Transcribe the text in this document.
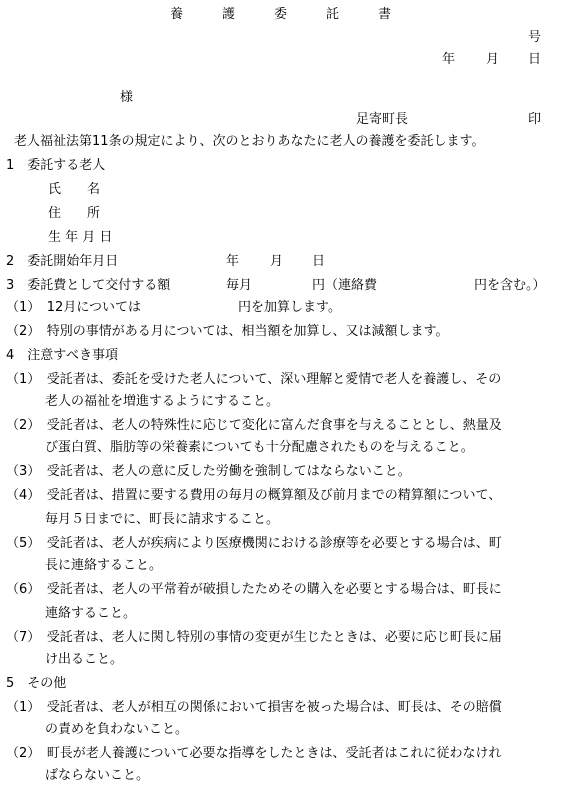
養	護	委	託	書
号
年 月 日
様
足寄町長	印
老人福祉法第11条の規定により、次のとおりあなたに老人の養護を委託します。
1　委託する老人
氏　　名
住　　所
生 年 月 日
2　委託開始年月日	年 月 日
3　委託費として交付する額	毎月	円（連絡費	円を含む。）
（1）　12月については	円を加算します。
（2）　特別の事情がある月については、相当額を加算し、又は減額します。
4　注意すべき事項
（1）　受託者は、委託を受けた老人について、深い理解と愛情で老人を養護し、その
　老人の福祉を増進するようにすること。
（2）　受託者は、老人の特殊性に応じて変化に富んだ食事を与えることとし、熱量及
　び蛋白質、脂肪等の栄養素についても十分配慮されたものを与えること。
（3）　受託者は、老人の意に反した労働を強制してはならないこと。
（4）　受託者は、措置に要する費用の毎月の概算額及び前月までの精算額について、
　毎月５日までに、町長に請求すること。
（5）　受託者は、老人が疾病により医療機関における診療等を必要とする場合は、町
　長に連絡すること。
（6）　受託者は、老人の平常着が破損したためその購入を必要とする場合は、町長に
　連絡すること。
（7）　受託者は、老人に関し特別の事情の変更が生じたときは、必要に応じ町長に届
　け出ること。
5　その他
（1）　受託者は、老人が相互の関係において損害を被った場合は、町長は、その賠償
　の責めを負わないこと。
（2）　町長が老人養護について必要な指導をしたときは、受託者はこれに従わなけれ
　ばならないこと。
